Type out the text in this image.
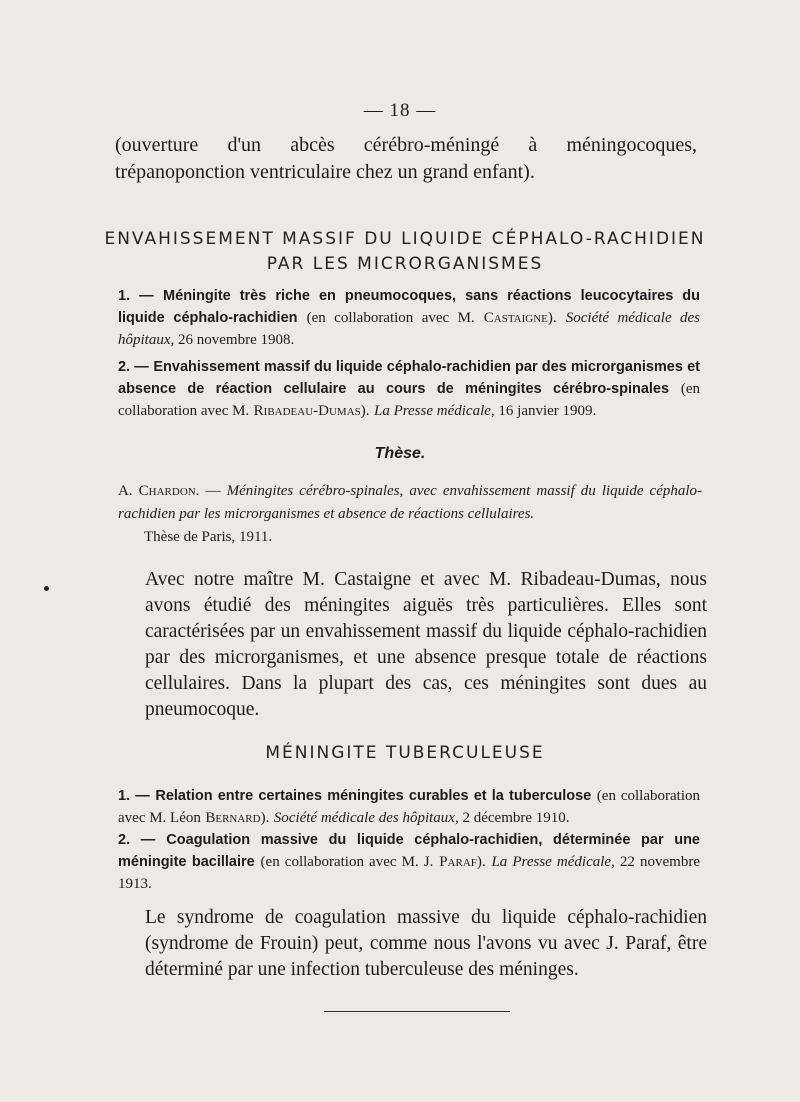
— 18 —
(ouverture d'un abcès cérébro-méningé à méningocoques, trépanoponction ventriculaire chez un grand enfant).
ENVAHISSEMENT MASSIF DU LIQUIDE CÉPHALO-RACHIDIEN
PAR LES MICRORGANISMES
1. — Méningite très riche en pneumocoques, sans réactions leucocytaires du liquide céphalo-rachidien (en collaboration avec M. Castaigne). Société médicale des hôpitaux, 26 novembre 1908.
2. — Envahissement massif du liquide céphalo-rachidien par des microrganismes et absence de réaction cellulaire au cours de méningites cérébro-spinales (en collaboration avec M. Ribadeau-Dumas). La Presse médicale, 16 janvier 1909.
Thèse.
A. Chardon. — Méningites cérébro-spinales, avec envahissement massif du liquide céphalo-rachidien par les microrganismes et absence de réactions cellulaires.
Thèse de Paris, 1911.
Avec notre maître M. Castaigne et avec M. Ribadeau-Dumas, nous avons étudié des méningites aiguës très particulières. Elles sont caractérisées par un envahissement massif du liquide céphalo-rachidien par des microrganismes, et une absence presque totale de réactions cellulaires. Dans la plupart des cas, ces méningites sont dues au pneumocoque.
MÉNINGITE TUBERCULEUSE
1. — Relation entre certaines méningites curables et la tuberculose (en collaboration avec M. Léon Bernard). Société médicale des hôpitaux, 2 décembre 1910.
2. — Coagulation massive du liquide céphalo-rachidien, déterminée par une méningite bacillaire (en collaboration avec M. J. Paraf). La Presse médicale, 22 novembre 1913.
Le syndrome de coagulation massive du liquide céphalo-rachidien (syndrome de Frouin) peut, comme nous l'avons vu avec J. Paraf, être déterminé par une infection tuberculeuse des méninges.
